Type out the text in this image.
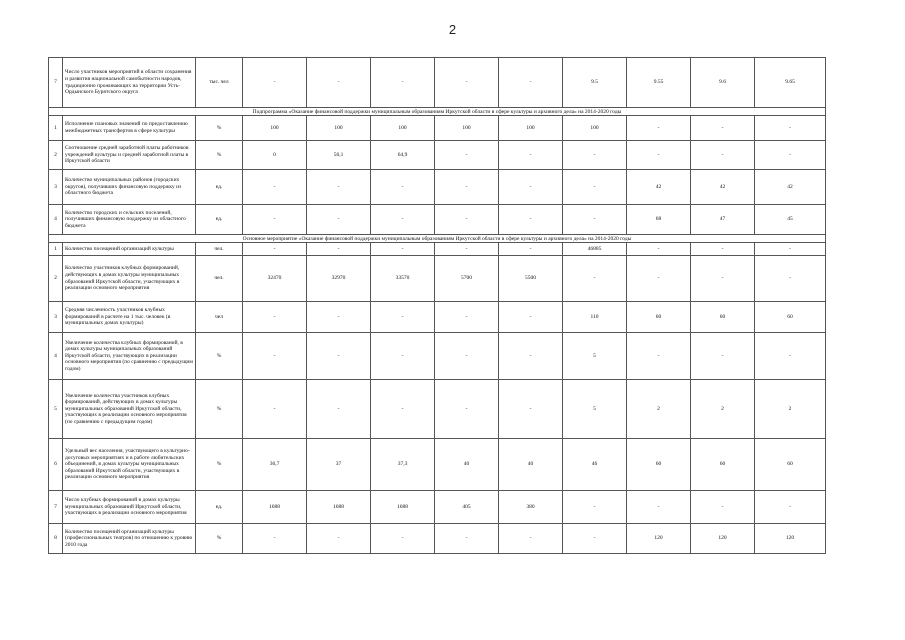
2
7	Число участников мероприятий в области сохранения и развития национальной самобытности народов, традиционно проживающих на территории Усть-Ордынского Бурятского округа	тыс. чел	-	-	-	-	-	9.5	9.55	9.6	9.65
Подпрограмма «Оказание финансовой поддержки муниципальным образованиям Иркутской области в сфере культуры и архивного дела» на 2014-2020 годы											
1	Исполнение плановых значений по предоставлению межбюджетных трансфертов в сфере культуры	%	100	100	100	100	100	100	-	-	-
2	Соотношение средней заработной платы работников учреждений культуры и средней заработной платы в Иркутской области	%	0	56,1	64,9	-	-	-	-	-	-
3	Количество муниципальных районов (городских округов), получивших финансовую поддержку из областного бюджета	ед.	-	-	-	-	-	-	42	42	42
4	Количество городских и сельских поселений, получивших финансовую поддержку из областного бюджета	ед.	-	-	-	-	-	-	68	47	45
Основное мероприятие «Оказание финансовой поддержки муниципальным образованиям Иркутской области в сфере культуры и архивного дела» на 2014-2020 годы											
1	Количество посещений организаций культуры	чел.	-	-	-	-	-	46885	-	-	-
2	Количество участников клубных формирований, действующих в домах культуры муниципальных образований Иркутской области, участвующих в реализации основного мероприятия	чел.	32470	32970	33570	5700	5500	-	-	-	-
3	Средняя численность участников клубных формирований в расчете на 1 тыс. человек (в муниципальных домах культуры)	чел	-	-	-	-	-	110	60	60	60
4	Увеличение количества клубных формирований, в домах культуры муниципальных образований Иркутской области, участвующих в реализации основного мероприятия (по сравнению с предыдущим годом)	%	-	-	-	-	-	5	-	-	-
5	Увеличение количества участников клубных формирований, действующих в домах культуры муниципальных образований Иркутской области, участвующих в реализации основного мероприятия (по сравнению с предыдущим годом)	%	-	-	-	-	-	5	2	2	2
6	Удельный вес населения, участвующего в культурно-досуговых мероприятиях и в работе любительских объединений, в домах культуры муниципальных образований Иркутской области, участвующих в реализации основного мероприятия	%	36,7	37	37,3	40	40	46	60	60	60
7	Число клубных формирований в домах культуры муниципальных образований Иркутской области, участвующих в реализации основного мероприятия	ед.	1688	1688	1688	405	380	-	-	-	-
8	Количество посещений организаций культуры (профессиональных театров) по отношению к уровню 2010 года	%	-	-	-	-	-	-	120	120	120
